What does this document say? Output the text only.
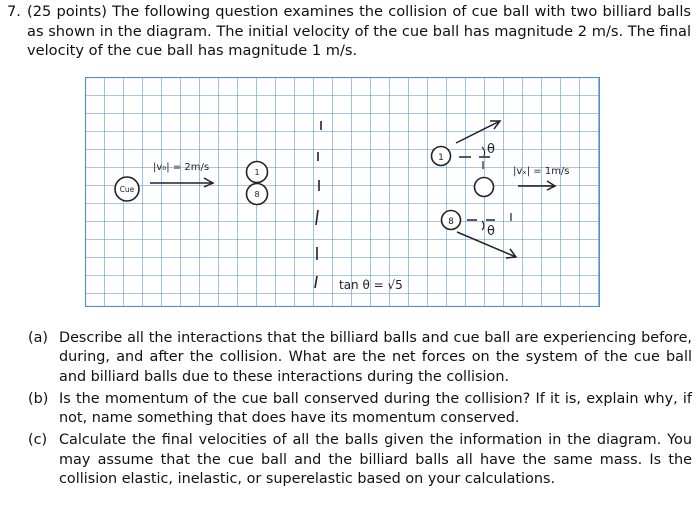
7. (25 points) The following question examines the collision of cue ball with two billiard balls as shown in the diagram. The initial velocity of the cue ball has magnitude 2 m/s. The final velocity of the cue ball has magnitude 1 m/s.
Cue
|v₀| = 2m/s	1
8
1
θ
|vₓ| = 1m/s
8
θ
tan θ = √5
(a) Describe all the interactions that the billiard balls and cue ball are experiencing before, during, and after the collision. What are the net forces on the system of the cue ball and billiard balls due to these interactions during the collision.
(b) Is the momentum of the cue ball conserved during the collision? If it is, explain why, if not, name something that does have its momentum conserved.
(c) Calculate the final velocities of all the balls given the information in the diagram. You may assume that the cue ball and the billiard balls all have the same mass. Is the collision elastic, inelastic, or superelastic based on your calculations.
